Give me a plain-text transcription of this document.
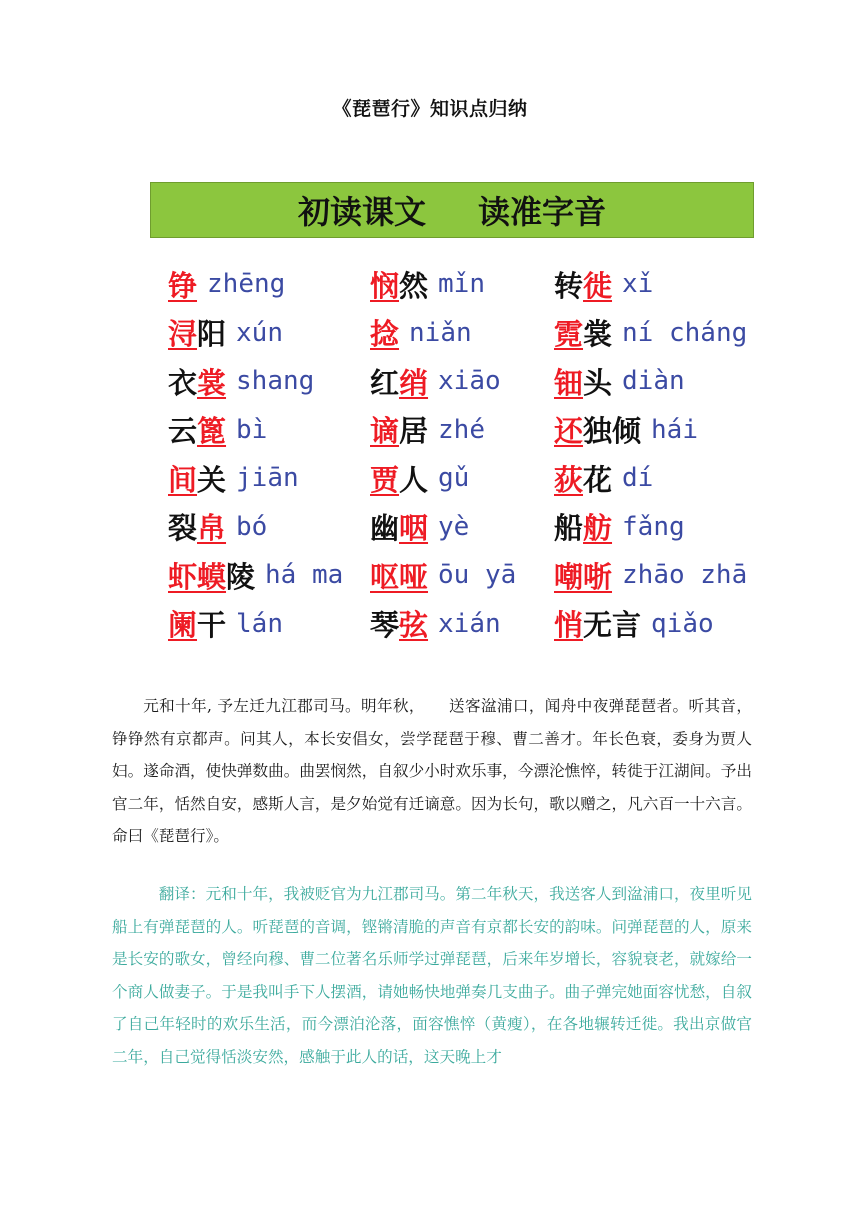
《琵琶行》知识点归纳
初读课文 读准字音
铮 zhēng	悯然 mǐn 转徙 xǐ
浔阳 xún	捻 niǎn	霓裳 ní cháng
衣裳 shang 红绡 xiāo 钿头 diàn
云篦 bì	谪居 zhé 还独倾 hái
间关 jiān 贾人 gǔ	荻花 dí
裂帛 bó	幽咽 yè	船舫 fǎng
虾蟆陵 há ma 呕哑 ōu yā 嘲哳 zhāo zhā
阑干 lán	琴弦 xián 悄无言 qiǎo

元和十年, 予左迁九江郡司马。明年秋，　　送客湓浦口，闻舟中夜弹琵琶者。听其音，铮铮然有京都声。问其人，本长安倡女，尝学琵琶于穆、曹二善才。年长色衰，委身为贾人妇。遂命酒，使快弹数曲。曲罢悯然，自叙少小时欢乐事，今漂沦憔悴，转徙于江湖间。予出官二年，恬然自安，感斯人言，是夕始觉有迁谪意。因为长句，歌以赠之，凡六百一十六言。命曰《琵琶行》。

翻译：元和十年，我被贬官为九江郡司马。第二年秋天，我送客人到湓浦口，夜里听见船上有弹琵琶的人。听琵琶的音调，铿锵清脆的声音有京都长安的韵味。问弹琵琶的人，原来是长安的歌女，曾经向穆、曹二位著名乐师学过弹琵琶，后来年岁增长，容貌衰老，就嫁给一个商人做妻子。于是我叫手下人摆酒，请她畅快地弹奏几支曲子。曲子弹完她面容忧愁，自叙了自己年轻时的欢乐生活，而今漂泊沦落，面容憔悴（黄瘦），在各地辗转迁徙。我出京做官二年，自己觉得恬淡安然，感触于此人的话，这天晚上才
